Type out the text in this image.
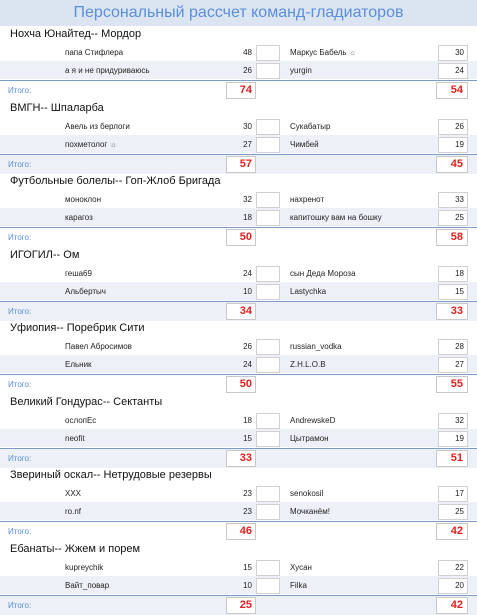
Персональный рассчет команд-гладиаторов
Нохча Юнайтед-- Мордор
папа Стифлера	48	Маркус Бабель ☼	30
а я и не придуриваюсь	26	yurgin	24
Итого:	74	54
ВМГН-- Шпаларба
Авель из берлоги	30	Сукабатыр	26
похметолог ☼	27	Чимбей	19
Итого:	57	45
Футбольные болелы-- Гоп-Жлоб Бригада
моноклон	32	нахренот	33
карагоз	18	капитошку вам на бошку	25
Итого:	50	58
ИГОГИЛ-- Ом
гешa69	24	сын Деда Мороза	18
Альбертыч	10	Lastychka	15
Итого:	34	33
Уфиопия-- Поребрик Сити
Павел Абросимов	26	russian_vodka	28
Ельник	24	Z.H.L.O.B	27
Итого:	50	55
Великий Гондурас-- Сектанты
ослопЕс	18	AndrewskeD	32
neofit	15	Цытрамон	19
Итого:	33	51
Звериный оскал-- Нетрудовые резервы
XXX	23	senokosil	17
ro.nf	23	Мочканём!	25
Итого:	46	42
Ебанаты-- Жжем и порем
kupreychik	15	Хусан	22
Вайт_повар	10	Filka	20
Итого:	25	42
